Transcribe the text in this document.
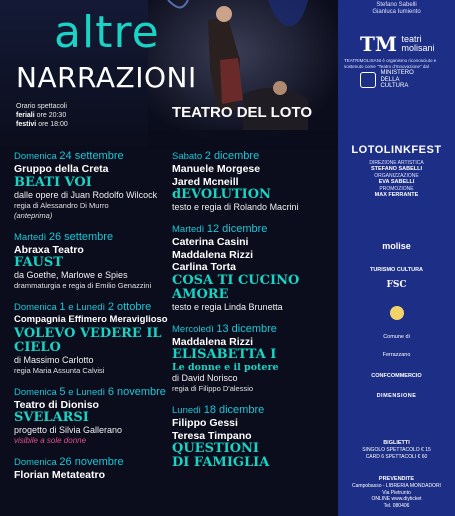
altre
NARRAZIONI
Orario spettacoli
feriali ore 20:30
festivi ore 18:00
TEATRO DEL LOTO
Domenica 24 settembre
Gruppo della Creta
BEATI VOI
dalle opere di Juan Rodolfo Wilcock
regia di Alessandro Di Murro
(anteprima)
Martedì 26 settembre
Abraxa Teatro
FAUST
da Goethe, Marlowe e Spies
drammaturgia e regia di Emilio Genazzini
Domenica 1 e Lunedì 2 ottobre
Compagnia Effimero Meraviglioso
VOLEVO VEDERE IL
CIELO
di Massimo Carlotto
regia Maria Assunta Calvisi
Domenica 5 e Lunedì 6 novembre
Teatro di Dioniso
SVELARSI
progetto di Silvia Gallerano
visibile a sole donne
Domenica 26 novembre
Florian Metateatro
Sabato 2 dicembre
Manuele Morgese
Jared Mcneill
dEVOLUTION
testo e regia di Rolando Macrini
Martedì 12 dicembre
Caterina Casini
Maddalena Rizzi
Carlina Torta
COSA TI CUCINO
AMORE
testo e regia Linda Brunetta
Mercoledì 13 dicembre
Maddalena Rizzi
ELISABETTA I
Le donne e il potere
di David Norisco
regia di Filippo D'alessio
Lunedì 18 dicembre
Filippo Gessi
Teresa Timpano
QUESTIONI
DI FAMIGLIA
Stefano Sabelli
Gianluca Iumiento
TM teatri
molisani
TEATRIMOLISANI è organismo riconosciuto e sostenuto come "Teatro d'Innovazione" dal
MINISTERO
DELLA
CULTURA
LOTOLINKFEST
DIREZIONE ARTISTICA
STEFANO SABELLI
ORGANIZZAZIONE
EVA SABELLI
PROMOZIONE
MAX FERRANTE
molise
TURISMO CULTURA
FSC

Comune di
Ferrazzano
CONFCOMMERCIO
DIMENSIONE
BIGLIETTI
SINGOLO SPETTACOLO € 15
CARD 6 SPETTACOLI € 60
PREVENDITE
Campobasso - LIBRERIA MONDADORI
Via Pietrunto
ONLINE www.diyticket
Tel. 080406
